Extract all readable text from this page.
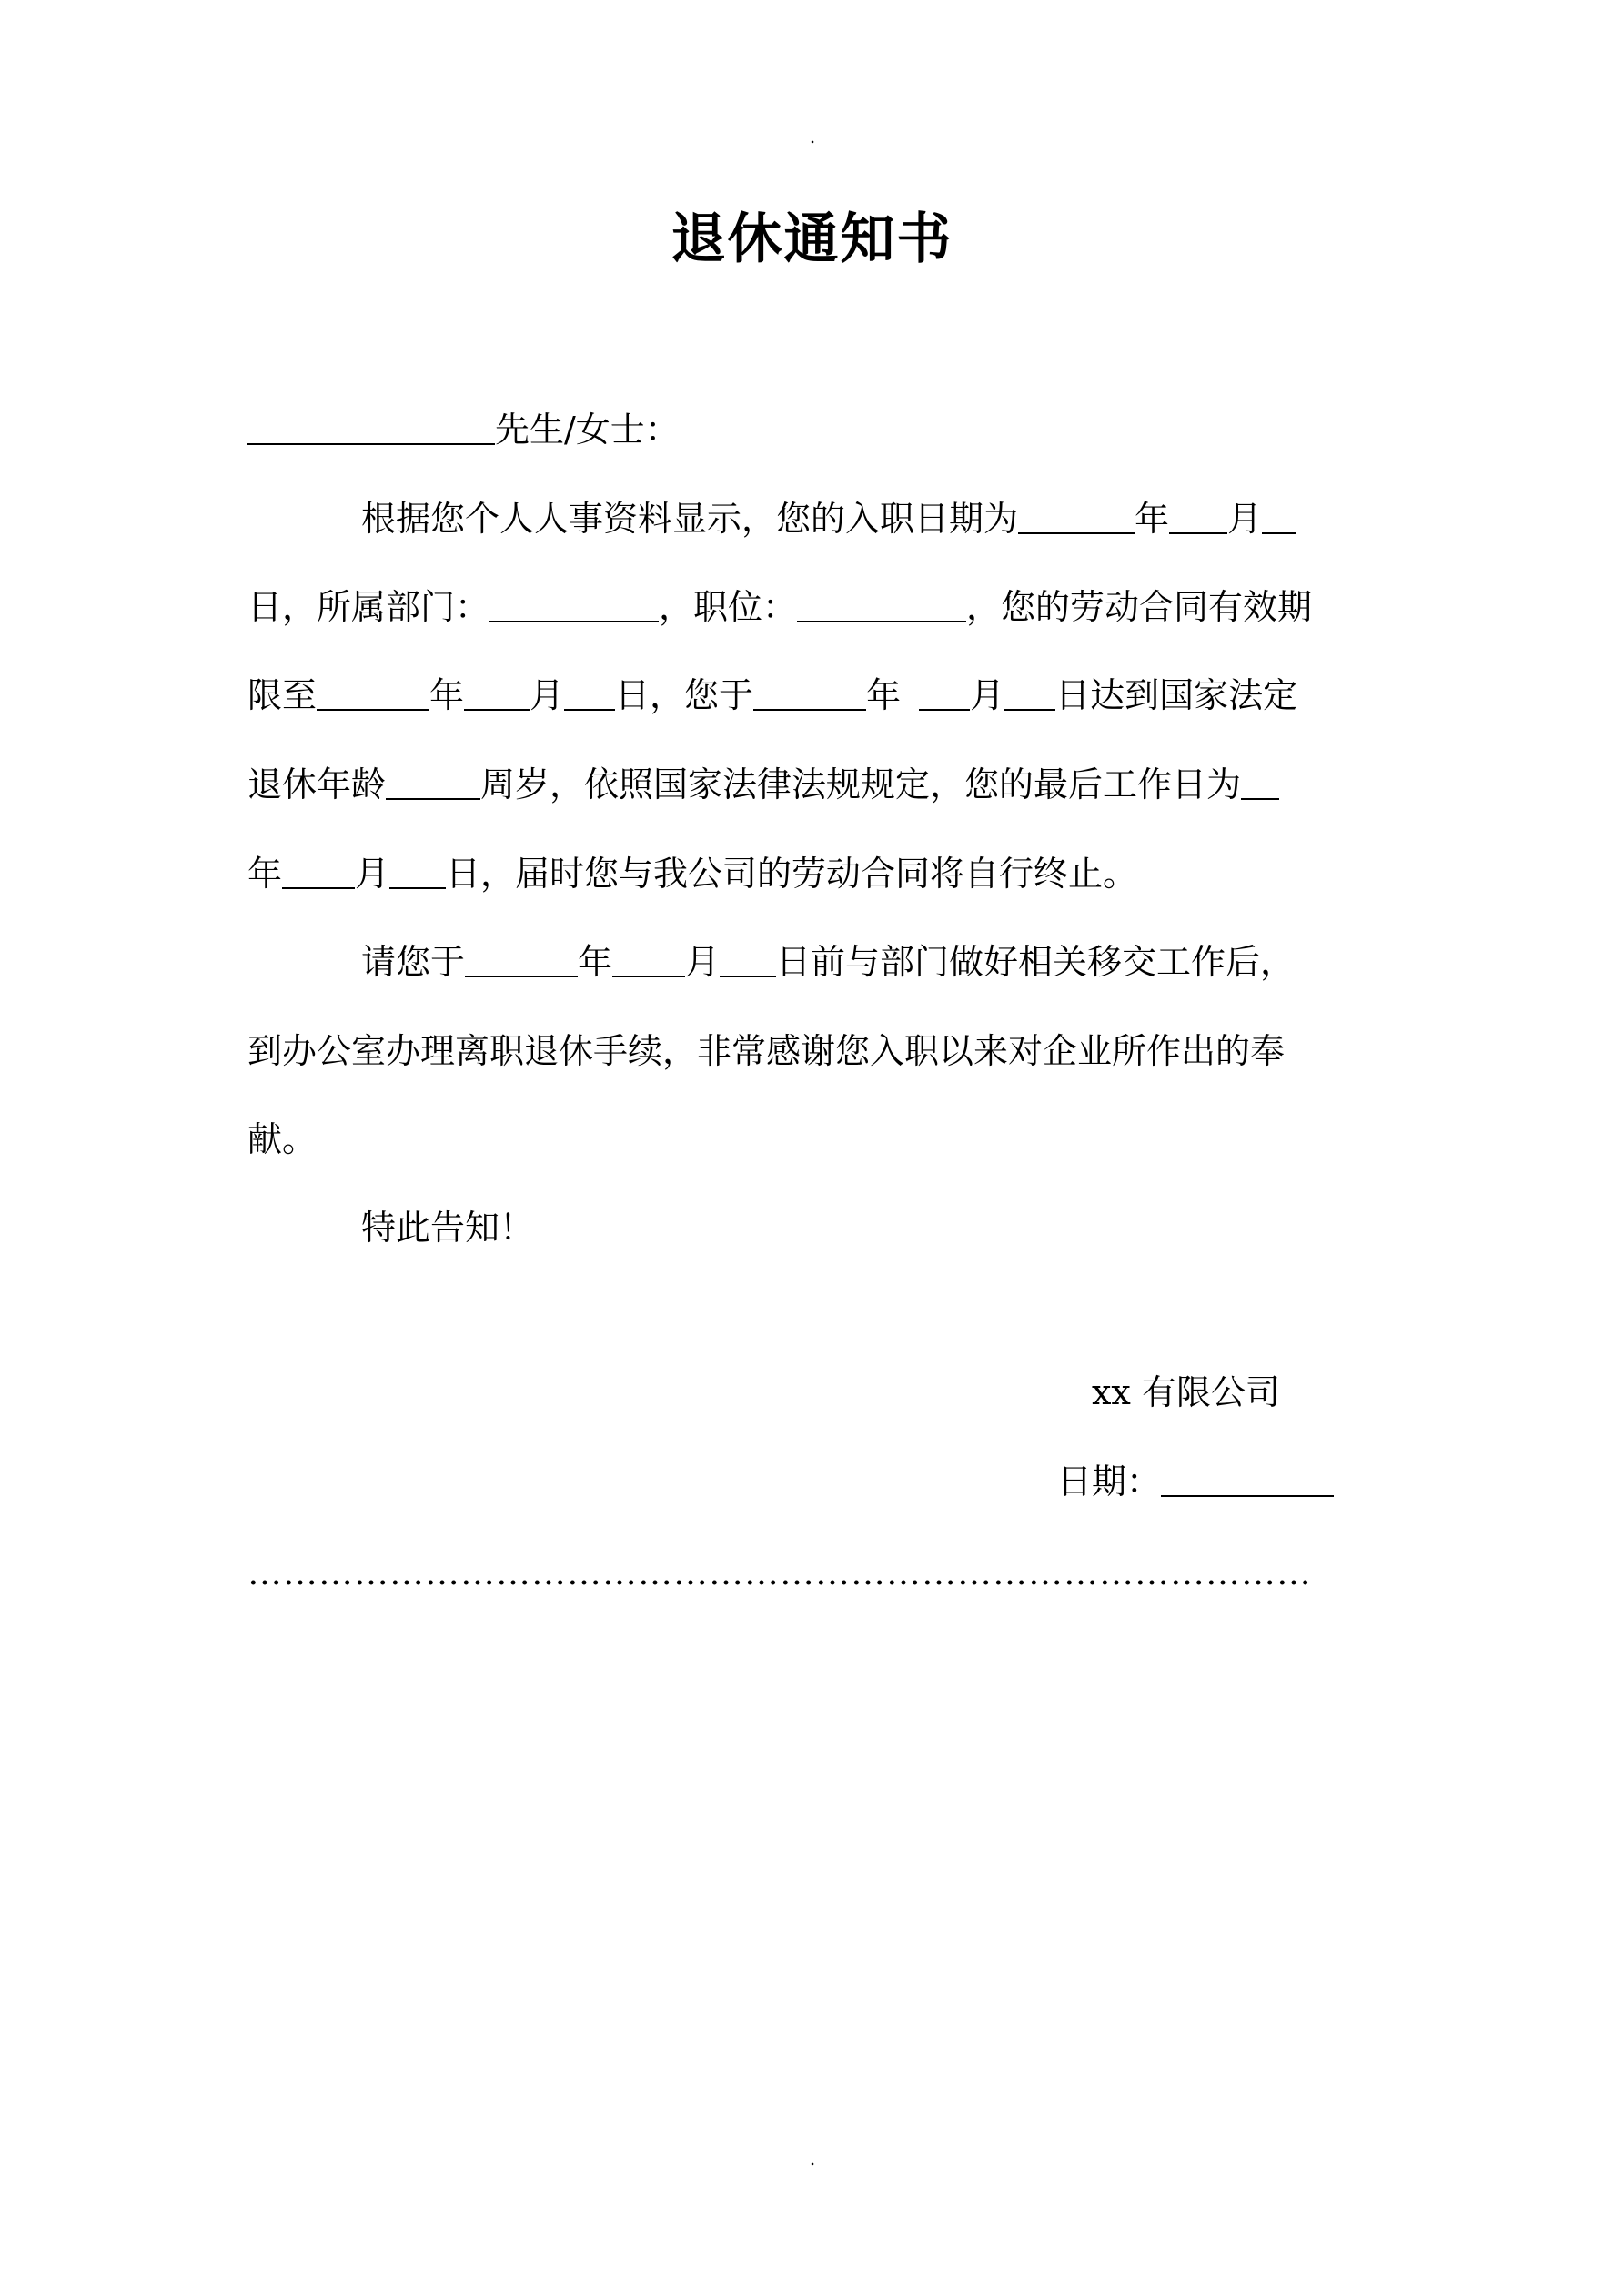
.
退休通知书
先生/女士：
根据您个人人事资料显示，您的入职日期为	年 月
日，所属部门：	，职位：	，您的劳动合同有效期
限至	年 月 日，您于	年 月 日达到国家法定
退休年龄	周岁，依照国家法律法规规定，您的最后工作日为
年 月 日，届时您与我公司的劳动合同将自行终止。
请您于	年 月 日前与部门做好相关移交工作后，
到办公室办理离职退休手续，非常感谢您入职以来对企业所作出的奉
献。
特此告知！
xx 有限公司
日期：
………………………………………………………………………………
.
